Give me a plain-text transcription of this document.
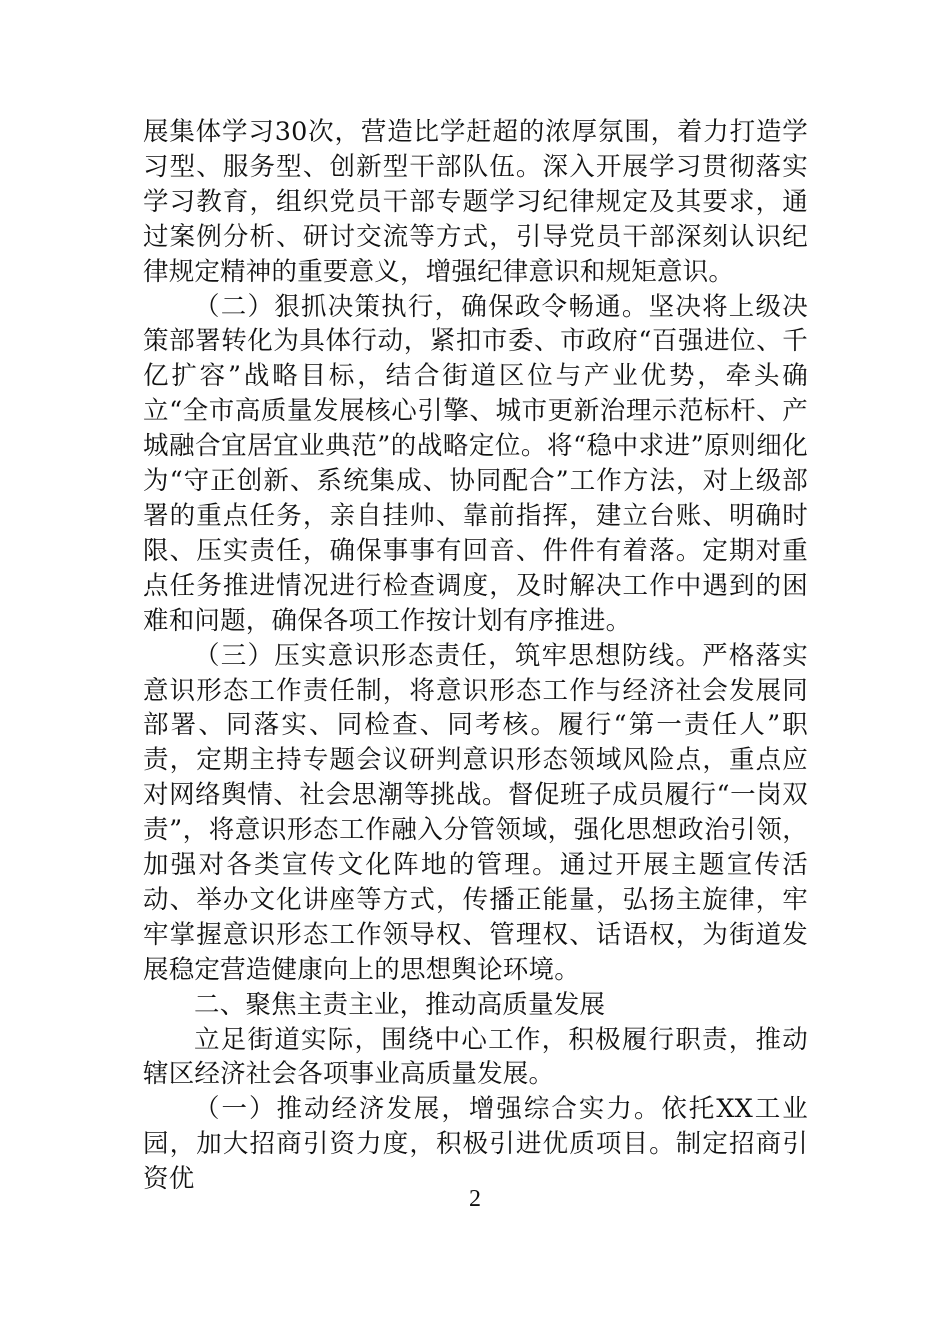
展集体学习30次，营造比学赶超的浓厚氛围，着力打造学习型、服务型、创新型干部队伍。深入开展学习贯彻落实学习教育，组织党员干部专题学习纪律规定及其要求，通过案例分析、研讨交流等方式，引导党员干部深刻认识纪律规定精神的重要意义，增强纪律意识和规矩意识。

（二）狠抓决策执行，确保政令畅通。坚决将上级决策部署转化为具体行动，紧扣市委、市政府“百强进位、千亿扩容”战略目标，结合街道区位与产业优势，牵头确立“全市高质量发展核心引擎、城市更新治理示范标杆、产城融合宜居宜业典范”的战略定位。将“稳中求进”原则细化为“守正创新、系统集成、协同配合”工作方法，对上级部署的重点任务，亲自挂帅、靠前指挥，建立台账、明确时限、压实责任，确保事事有回音、件件有着落。定期对重点任务推进情况进行检查调度，及时解决工作中遇到的困难和问题，确保各项工作按计划有序推进。

（三）压实意识形态责任，筑牢思想防线。严格落实意识形态工作责任制，将意识形态工作与经济社会发展同部署、同落实、同检查、同考核。履行“第一责任人”职责，定期主持专题会议研判意识形态领域风险点，重点应对网络舆情、社会思潮等挑战。督促班子成员履行“一岗双责”，将意识形态工作融入分管领域，强化思想政治引领，加强对各类宣传文化阵地的管理。通过开展主题宣传活动、举办文化讲座等方式，传播正能量，弘扬主旋律，牢牢掌握意识形态工作领导权、管理权、话语权，为街道发展稳定营造健康向上的思想舆论环境。

二、聚焦主责主业，推动高质量发展

立足街道实际，围绕中心工作，积极履行职责，推动辖区经济社会各项事业高质量发展。

（一）推动经济发展，增强综合实力。依托XX工业园，加大招商引资力度，积极引进优质项目。制定招商引资优

2
